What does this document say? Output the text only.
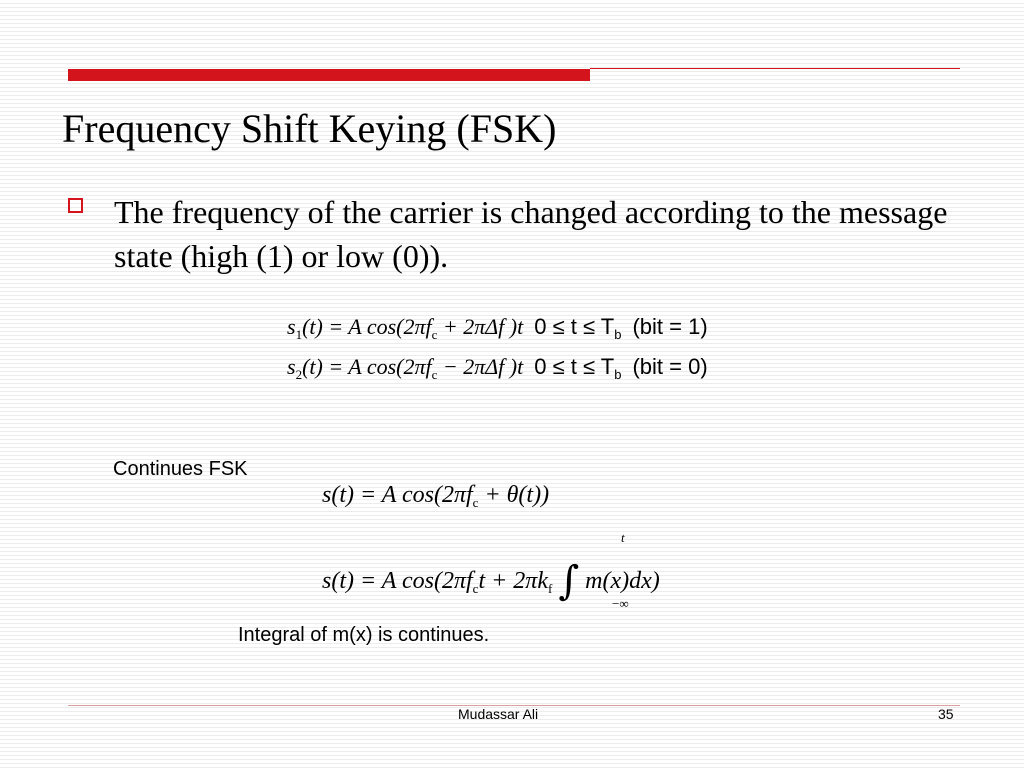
Frequency Shift Keying (FSK)
The frequency of the carrier is changed according to the message state (high (1) or low (0)).
$s_1(t) = A$ $\cos(2\pi f_c + 2\pi\Delta f$ )t $0 \le t \le T_b$ (bit = 1)
$s_2(t) = A$ $\cos(2\pi f_c - 2\pi\Delta f$ )t $0 \le t \le T_b$ (bit = 0)
Continues FSK
s(t) = A $\cos(2\pi f_c + \theta(t))$
s(t) = A $\cos(2\pi f_ct + 2\pi k_f$ ∫ m(x)dx)
t
−∞
Integral of m(x) is continues.
Mudassar Ali	35
